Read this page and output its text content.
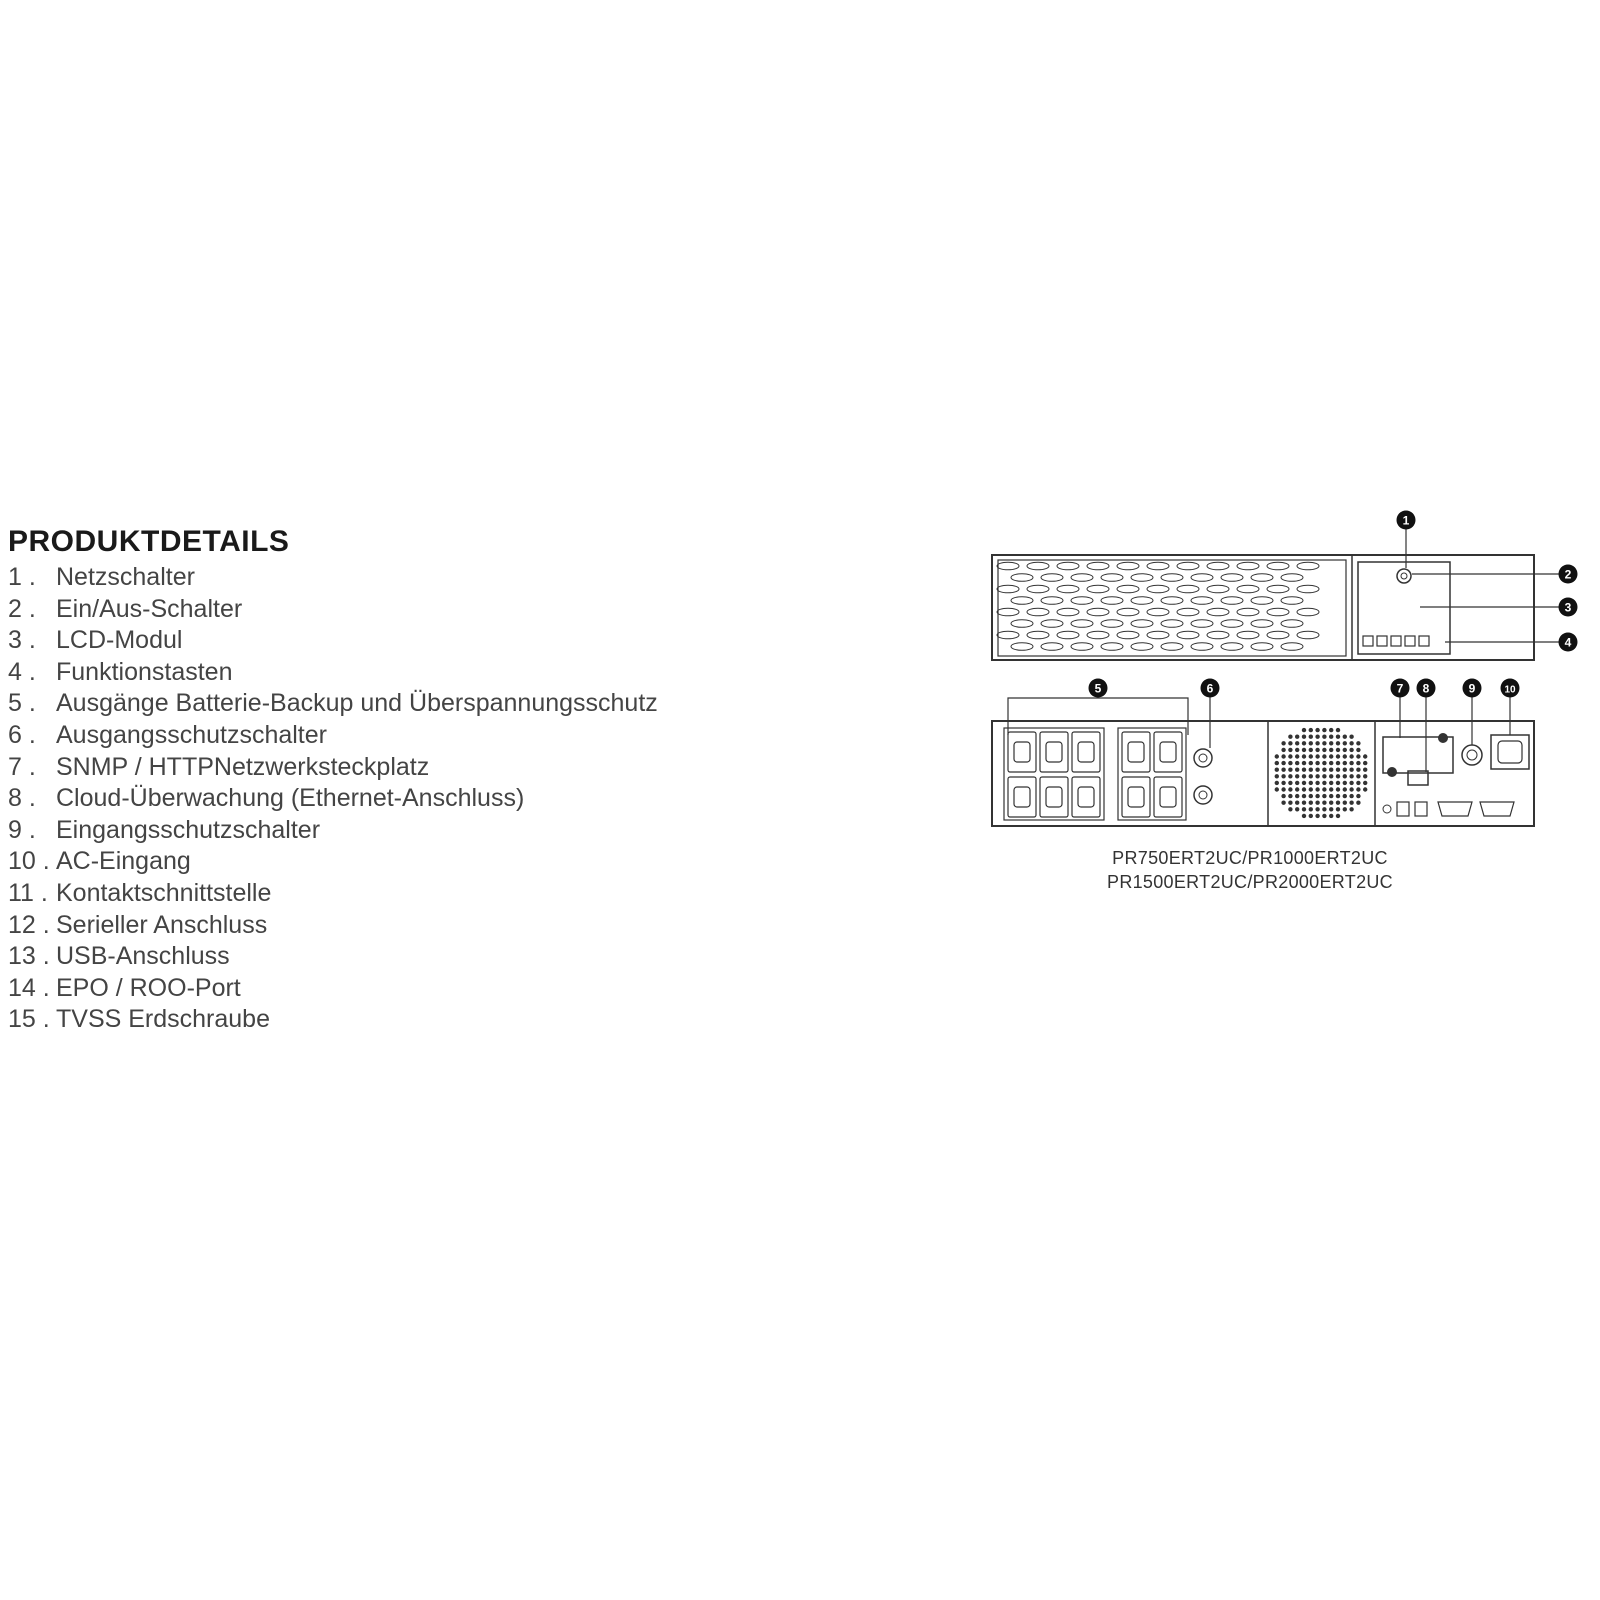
PRODUKTDETAILS
1 . Netzschalter
2 . Ein/Aus-Schalter
3 . LCD-Modul
4 . Funktionstasten
5 . Ausgänge Batterie-Backup und Überspannungsschutz
6 . Ausgangsschutzschalter
7 . SNMP / HTTPNetzwerksteckplatz
8 . Cloud-Überwachung (Ethernet-Anschluss)
9 . Eingangsschutzschalter
10 . AC-Eingang
11 . Kontaktschnittstelle
12 . Serieller Anschluss
13 . USB-Anschluss
14 . EPO / ROO-Port
15 . TVSS Erdschraube
1
2
3
4
5	6	7 8	9	10
PR750ERT2UC/PR1000ERT2UC
PR1500ERT2UC/PR2000ERT2UC
